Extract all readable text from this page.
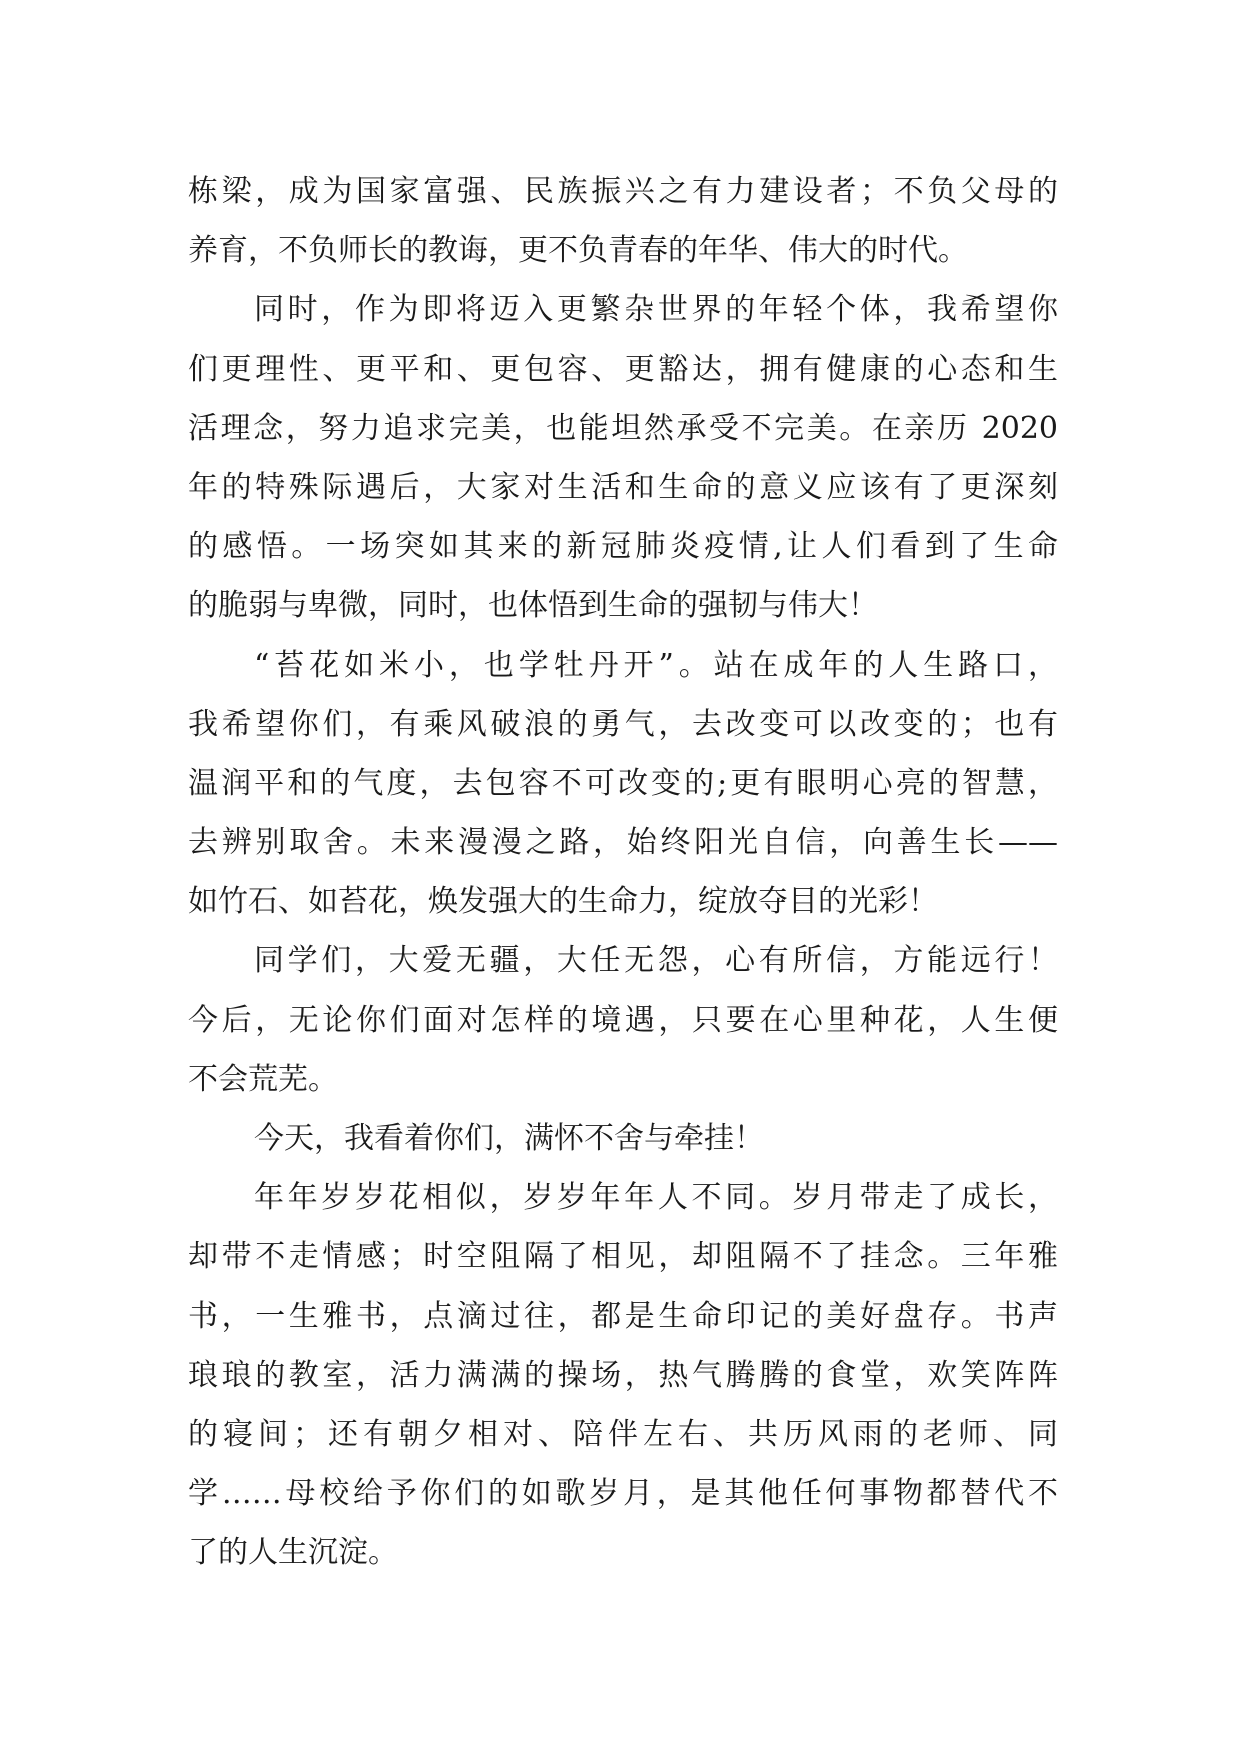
栋梁，成为国家富强、民族振兴之有力建设者；不负父母的
养育，不负师长的教诲，更不负青春的年华、伟大的时代。
同时，作为即将迈入更繁杂世界的年轻个体，我希望你
们更理性、更平和、更包容、更豁达，拥有健康的心态和生
活理念，努力追求完美，也能坦然承受不完美。在亲历 2020
年的特殊际遇后，大家对生活和生命的意义应该有了更深刻
的感悟。一场突如其来的新冠肺炎疫情,让人们看到了生命
的脆弱与卑微，同时，也体悟到生命的强韧与伟大！
“苔花如米小，也学牡丹开”。站在成年的人生路口，
我希望你们，有乘风破浪的勇气，去改变可以改变的；也有
温润平和的气度，去包容不可改变的;更有眼明心亮的智慧，
去辨别取舍。未来漫漫之路，始终阳光自信，向善生长——
如竹石、如苔花，焕发强大的生命力，绽放夺目的光彩！
同学们，大爱无疆，大任无怨，心有所信，方能远行！
今后，无论你们面对怎样的境遇，只要在心里种花，人生便
不会荒芜。
今天，我看着你们，满怀不舍与牵挂！
年年岁岁花相似，岁岁年年人不同。岁月带走了成长，
却带不走情感；时空阻隔了相见，却阻隔不了挂念。三年雅
书，一生雅书，点滴过往，都是生命印记的美好盘存。书声
琅琅的教室，活力满满的操场，热气腾腾的食堂，欢笑阵阵
的寝间；还有朝夕相对、陪伴左右、共历风雨的老师、同
学……母校给予你们的如歌岁月，是其他任何事物都替代不
了的人生沉淀。
